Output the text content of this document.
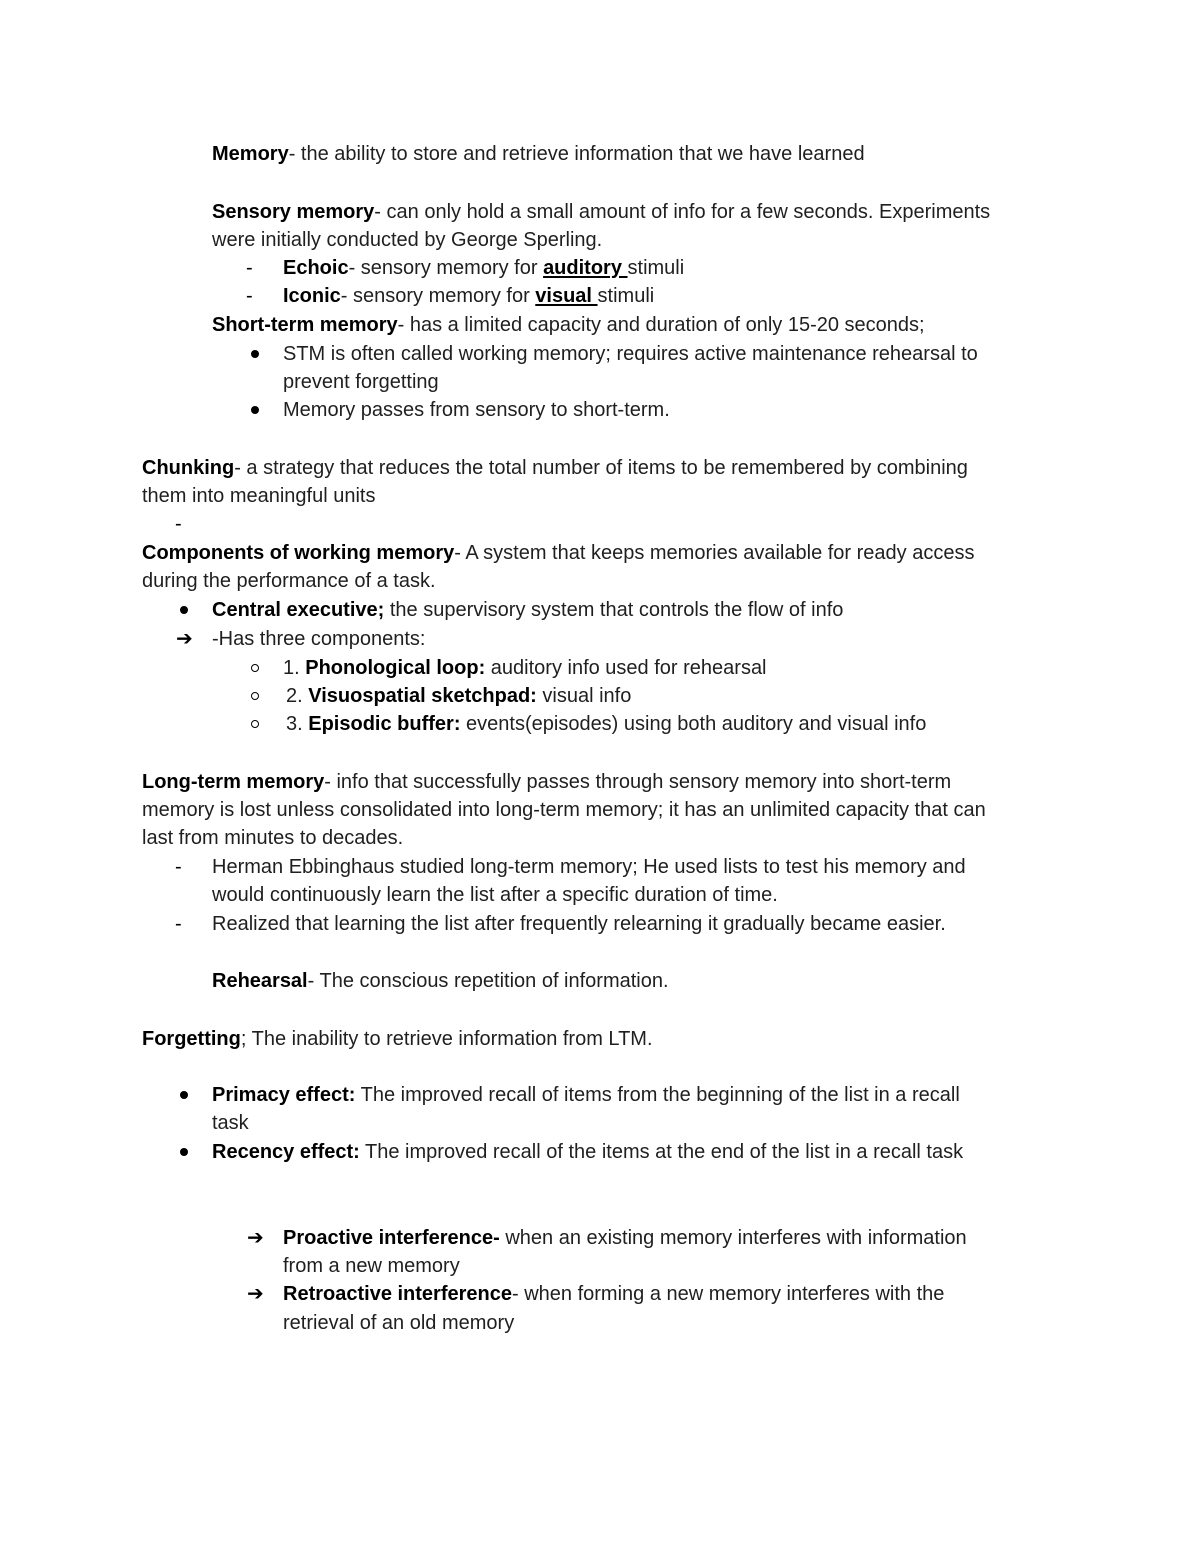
Memory- the ability to store and retrieve information that we have learned
Sensory memory- can only hold a small amount of info for a few seconds. Experiments
were initially conducted by George Sperling.
- Echoic- sensory memory for auditory stimuli
- Iconic- sensory memory for visual stimuli
Short-term memory- has a limited capacity and duration of only 15-20 seconds;
STM is often called working memory; requires active maintenance rehearsal to
prevent forgetting
Memory passes from sensory to short-term.
Chunking- a strategy that reduces the total number of items to be remembered by combining
them into meaningful units
-
Components of working memory- A system that keeps memories available for ready access
during the performance of a task.
Central executive; the supervisory system that controls the flow of info
➔ -Has three components:
1. Phonological loop: auditory info used for rehearsal
2. Visuospatial sketchpad: visual info
3. Episodic buffer: events(episodes) using both auditory and visual info
Long-term memory- info that successfully passes through sensory memory into short-term
memory is lost unless consolidated into long-term memory; it has an unlimited capacity that can
last from minutes to decades.
- Herman Ebbinghaus studied long-term memory; He used lists to test his memory and
would continuously learn the list after a specific duration of time.
- Realized that learning the list after frequently relearning it gradually became easier.
Rehearsal- The conscious repetition of information.
Forgetting; The inability to retrieve information from LTM.
Primacy effect: The improved recall of items from the beginning of the list in a recall
task
Recency effect: The improved recall of the items at the end of the list in a recall task
➔ Proactive interference- when an existing memory interferes with information
from a new memory
➔ Retroactive interference- when forming a new memory interferes with the
retrieval of an old memory
